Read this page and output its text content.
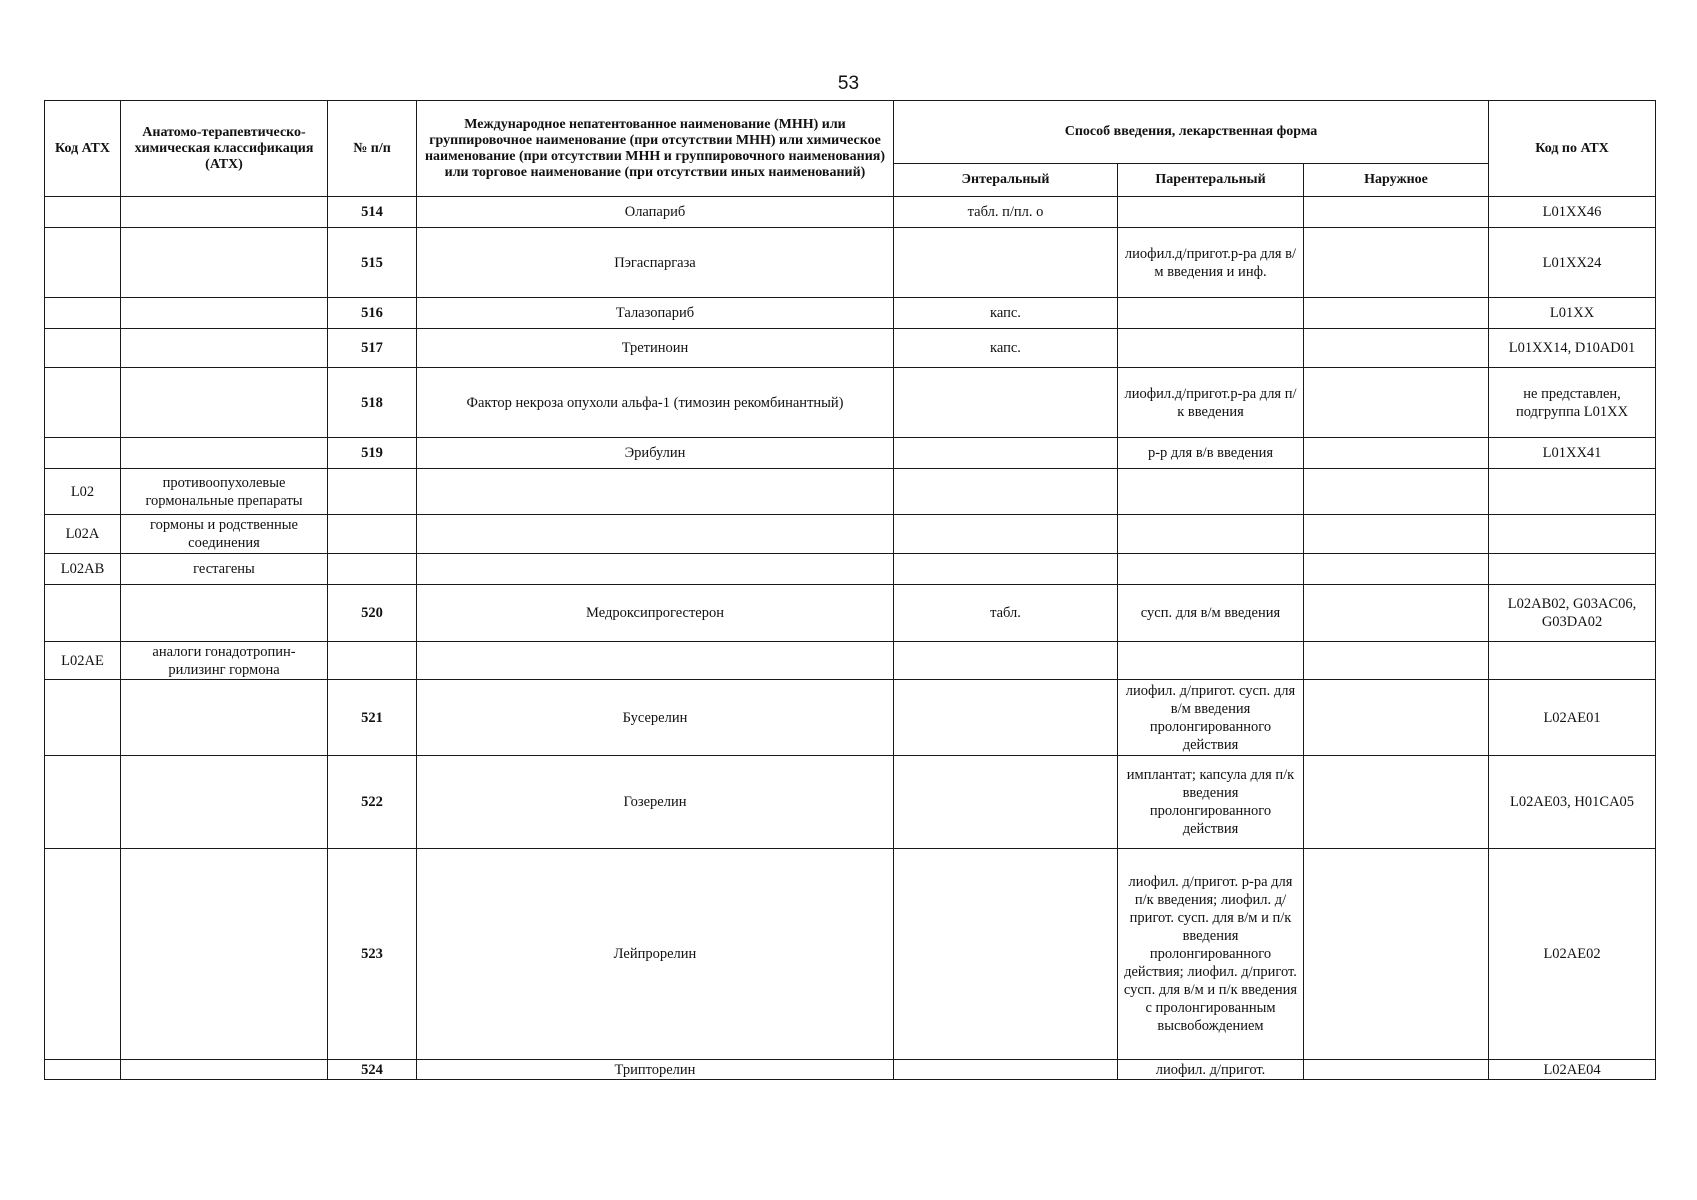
53
Код АТХ	Анатомо-терапевтическо-химическая классификация (АТХ)	№ п/п	Международное непатентованное наименование (МНН) или группировочное наименование (при отсутствии МНН) или химическое наименование (при отсутствии МНН и группировочного наименования) или торговое наименование (при отсутствии иных наименований)	Способ введения, лекарственная форма			Код по АТХ
				Энтеральный	Парентеральный	Наружное	
		514	Олапариб	табл. п/пл. о			L01XX46
		515	Пэгаспаргаза		лиофил.д/пригот.р-ра для в/м введения и инф.		L01XX24
		516	Талазопариб	капс.			L01XX
		517	Третиноин	капс.			L01XX14, D10AD01
		518	Фактор некроза опухоли альфа-1 (тимозин рекомбинантный)		лиофил.д/пригот.р-ра для п/к введения		не представлен, подгруппа L01XX
		519	Эрибулин		р-р для в/в введения		L01XX41
L02	противоопухолевые гормональные препараты						
L02A	гормоны и родственные соединения						
L02AB	гестагены						
		520	Медроксипрогестерон	табл.	сусп. для в/м введения		L02AB02, G03AC06, G03DA02
L02AE	аналоги гонадотропин-рилизинг гормона						
		521	Бусерелин		лиофил. д/пригот. сусп. для в/м введения пролонгированного действия		L02AE01
		522	Гозерелин		имплантат; капсула для п/к введения пролонгированного действия		L02AE03, H01CA05
		523	Лейпрорелин		лиофил. д/пригот. р-ра для п/к введения; лиофил. д/пригот. сусп. для в/м и п/к введения пролонгированного действия; лиофил. д/пригот. сусп. для в/м и п/к введения с пролонгированным высвобождением		L02AE02
		524	Трипторелин		лиофил. д/пригот.		L02AE04
